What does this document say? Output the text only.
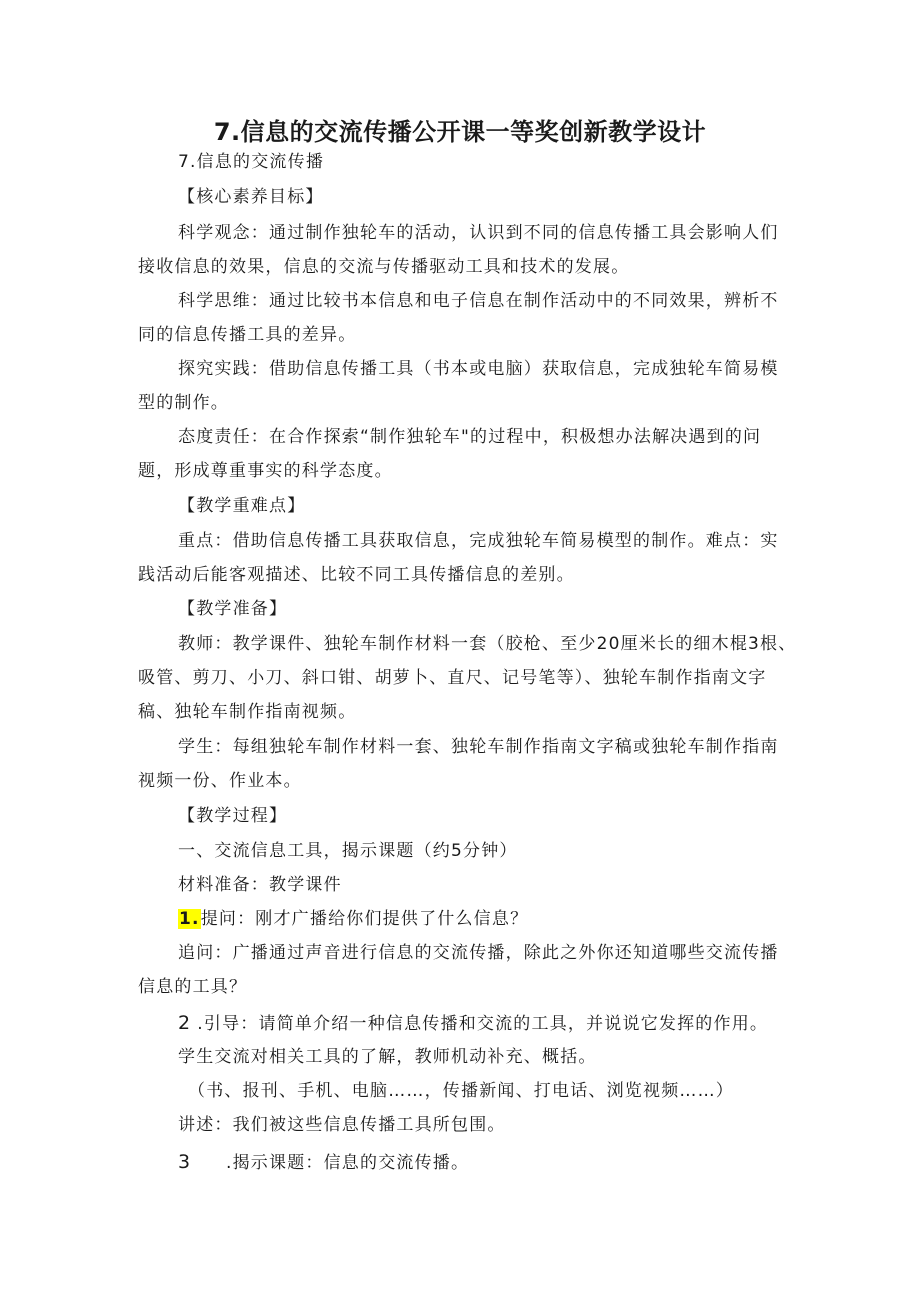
7.信息的交流传播公开课一等奖创新教学设计
7.信息的交流传播
【核心素养目标】
科学观念：通过制作独轮车的活动，认识到不同的信息传播工具会影响人们
接收信息的效果，信息的交流与传播驱动工具和技术的发展。
科学思维：通过比较书本信息和电子信息在制作活动中的不同效果，辨析不
同的信息传播工具的差异。
探究实践：借助信息传播工具（书本或电脑）获取信息，完成独轮车简易模
型的制作。
态度责任：在合作探索“制作独轮车"的过程中，积极想办法解决遇到的问
题，形成尊重事实的科学态度。
【教学重难点】
重点：借助信息传播工具获取信息，完成独轮车简易模型的制作。难点：实
践活动后能客观描述、比较不同工具传播信息的差别。
【教学准备】
教师：教学课件、独轮车制作材料一套（胶枪、至少20厘米长的细木棍3根、
吸管、剪刀、小刀、斜口钳、胡萝卜、直尺、记号笔等）、独轮车制作指南文字
稿、独轮车制作指南视频。
学生：每组独轮车制作材料一套、独轮车制作指南文字稿或独轮车制作指南
视频一份、作业本。
【教学过程】
一、交流信息工具，揭示课题（约5分钟）
材料准备：教学课件
1.提问：刚才广播给你们提供了什么信息？
追问：广播通过声音进行信息的交流传播，除此之外你还知道哪些交流传播
信息的工具？
2 .引导：请简单介绍一种信息传播和交流的工具，并说说它发挥的作用。
学生交流对相关工具的了解，教师机动补充、概括。
（书、报刊、手机、电脑……，传播新闻、打电话、浏览视频……）
讲述：我们被这些信息传播工具所包围。
3 .揭示课题：信息的交流传播。
